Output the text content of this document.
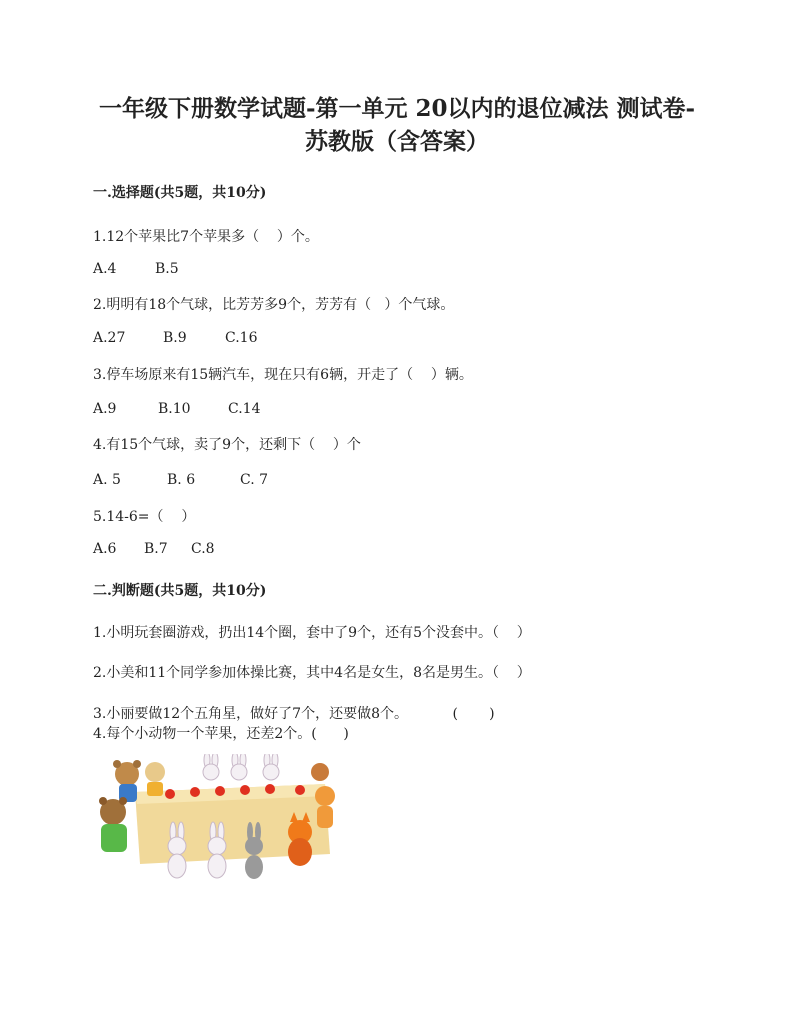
一年级下册数学试题-第一单元 20以内的退位减法 测试卷-
苏教版（含答案）
一.选择题(共5题，共10分)
1.12个苹果比7个苹果多（    ）个。
A.4	B.5
2.明明有18个气球，比芳芳多9个，芳芳有（   ）个气球。
A.27	B.9	C.16
3.停车场原来有15辆汽车，现在只有6辆，开走了（    ）辆。
A.9	B.10	C.14
4.有15个气球，卖了9个，还剩下（    ）个
A. 5	B. 6	C. 7
5.14-6=（    ）
A.6 B.7 C.8
二.判断题(共5题，共10分)
1.小明玩套圈游戏，扔出14个圈，套中了9个，还有5个没套中。（    ）
2.小美和11个同学参加体操比赛，其中4名是女生，8名是男生。（    ）
3.小丽要做12个五角星，做好了7个，还要做8个。          (       )
4.每个小动物一个苹果，还差2个。(      )
